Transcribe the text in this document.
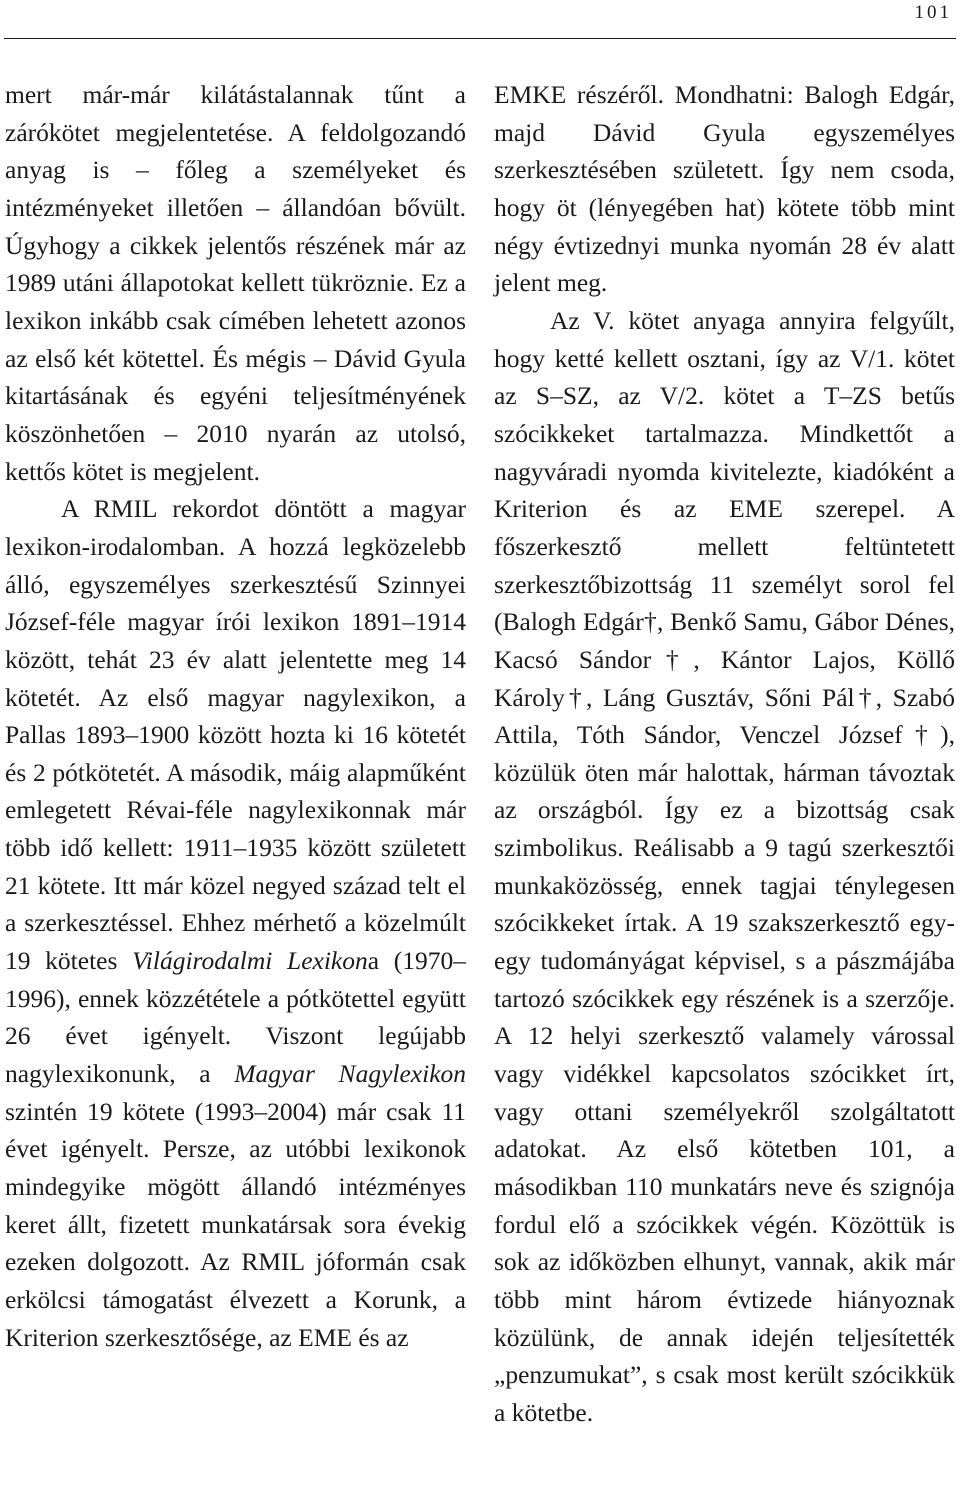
101

mert már-már kilátástalannak tűnt a zárókötet megjelentetése. A feldolgozandó anyag is – főleg a személyeket és intézményeket illetően – állandóan bővült. Úgyhogy a cikkek jelentős részének már az 1989 utáni állapotokat kellett tükröznie. Ez a lexikon inkább csak címében lehetett azonos az első két kötettel. És mégis – Dávid Gyula kitartásának és egyéni teljesítményének köszönhetően – 2010 nyarán az utolsó, kettős kötet is megjelent.

A RMIL rekordot döntött a magyar lexikon-irodalomban. A hozzá legközelebb álló, egyszemélyes szerkesztésű Szinnyei József-féle magyar írói lexikon 1891–1914 között, tehát 23 év alatt jelentette meg 14 kötetét. Az első magyar nagylexikon, a Pallas 1893–1900 között hozta ki 16 kötetét és 2 pótkötetét. A második, máig alapműként emlegetett Révai-féle nagylexikonnak már több idő kellett: 1911–1935 között született 21 kötete. Itt már közel negyed század telt el a szerkesztéssel. Ehhez mérhető a közelmúlt 19 kötetes Világirodalmi Lexikona (1970–1996), ennek közzététele a pótkötettel együtt 26 évet igényelt. Viszont legújabb nagylexikonunk, a Magyar Nagylexikon szintén 19 kötete (1993–2004) már csak 11 évet igényelt. Persze, az utóbbi lexikonok mindegyike mögött állandó intézményes keret állt, fizetett munkatársak sora évekig ezeken dolgozott. Az RMIL jóformán csak erkölcsi támogatást élvezett a Korunk, a Kriterion szerkesztősége, az EME és az

EMKE részéről. Mondhatni: Balogh Edgár, majd Dávid Gyula egyszemélyes szerkesztésében született. Így nem csoda, hogy öt (lényegében hat) kötete több mint négy évtizednyi munka nyomán 28 év alatt jelent meg.

Az V. kötet anyaga annyira felgyűlt, hogy ketté kellett osztani, így az V/1. kötet az S–SZ, az V/2. kötet a T–ZS betűs szócikkeket tartalmazza. Mindkettőt a nagyváradi nyomda kivitelezte, kiadóként a Kriterion és az EME szerepel. A főszerkesztő mellett feltüntetett szerkesztőbizottság 11 személyt sorol fel (Balogh Edgár†, Benkő Samu, Gábor Dénes, Kacsó Sándor†, Kántor Lajos, Köllő Károly†, Láng Gusztáv, Sőni Pál†, Szabó Attila, Tóth Sándor, Venczel József†), közülük öten már halottak, hárman távoztak az országból. Így ez a bizottság csak szimbolikus. Reálisabb a 9 tagú szerkesztői munkaközösség, ennek tagjai ténylegesen szócikkeket írtak. A 19 szakszerkesztő egy-egy tudományágat képvisel, s a pászmájába tartozó szócikkek egy részének is a szerzője. A 12 helyi szerkesztő valamely várossal vagy vidékkel kapcsolatos szócikket írt, vagy ottani személyekről szolgáltatott adatokat. Az első kötetben 101, a másodikban 110 munkatárs neve és szignója fordul elő a szócikkek végén. Közöttük is sok az időközben elhunyt, vannak, akik már több mint három évtizede hiányoznak közülünk, de annak idején teljesítették „penzumukat”, s csak most került szócikkük a kötetbe.
